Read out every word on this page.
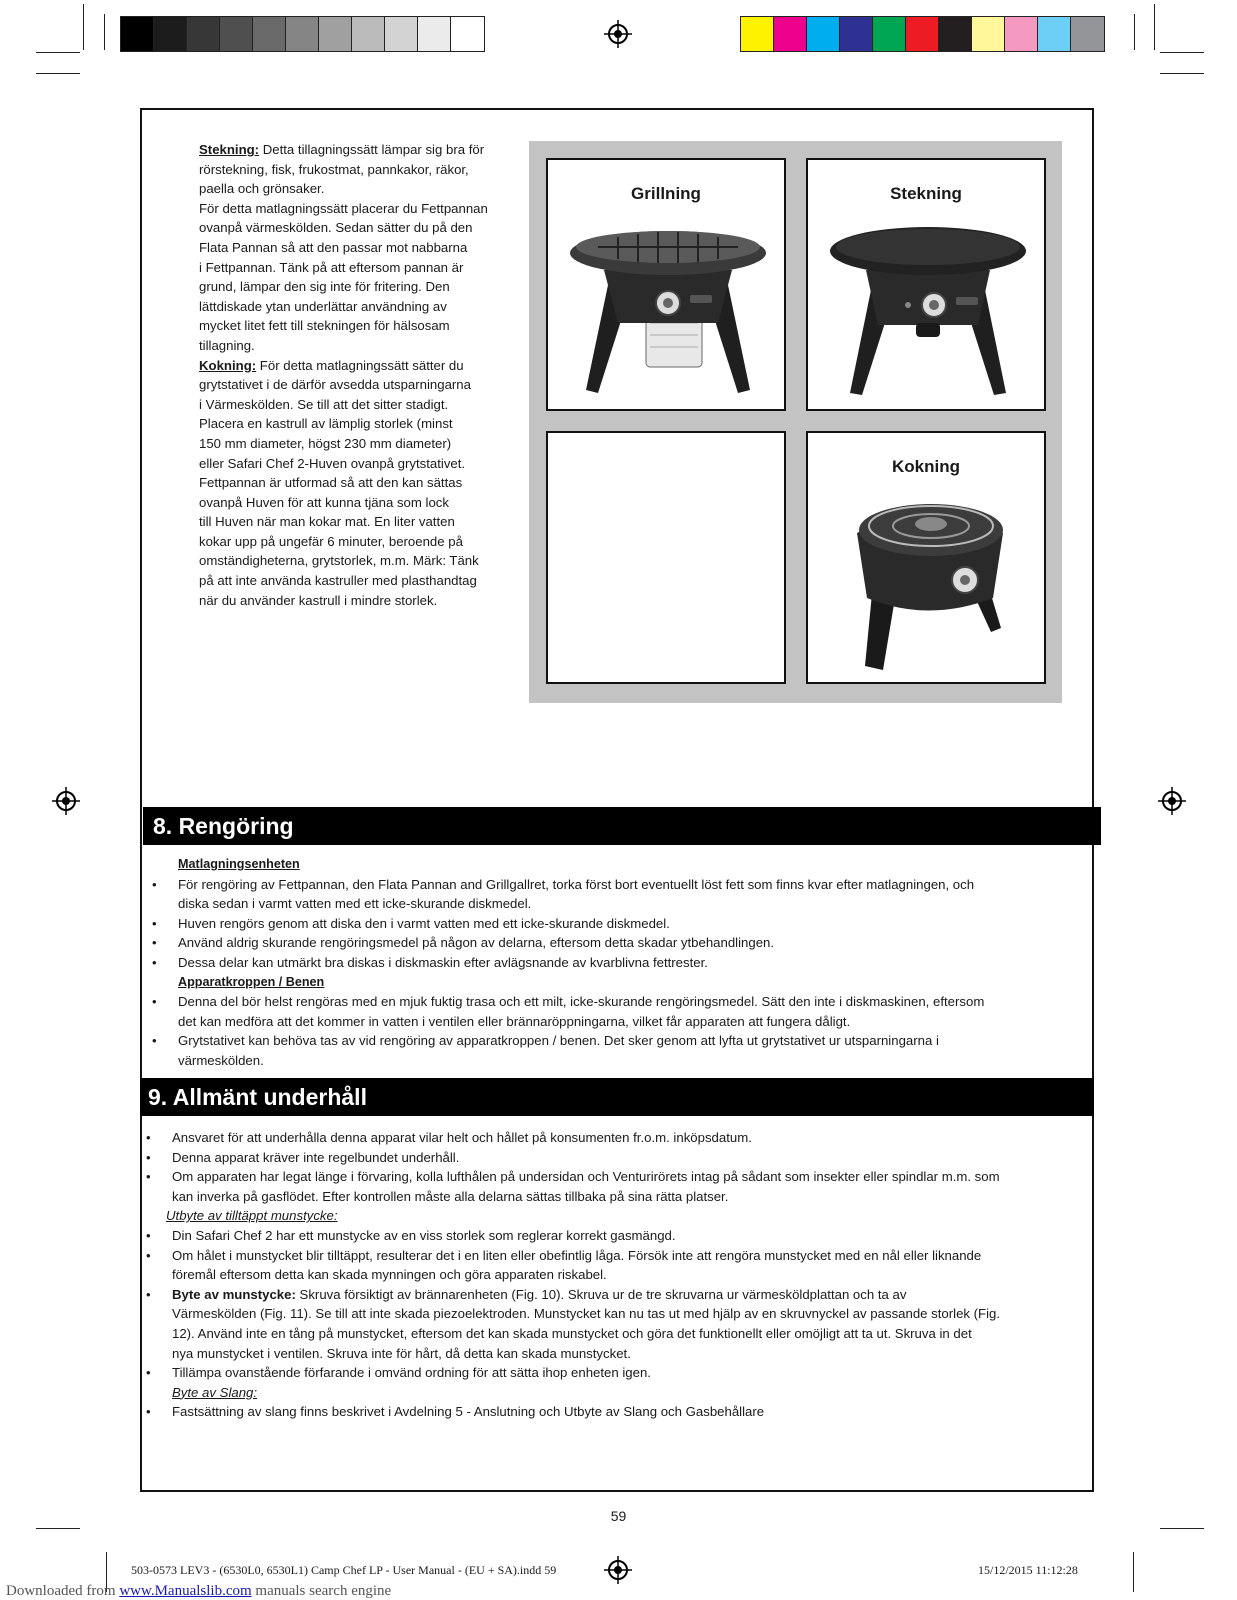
Stekning: Detta tillagningssätt lämpar sig bra för

rörstekning, fisk, frukostmat, pannkakor, räkor,

paella och grönsaker.

För detta matlagningssätt placerar du Fettpannan

ovanpå värmeskölden. Sedan sätter du på den

Flata Pannan så att den passar mot nabbarna

i Fettpannan. Tänk på att eftersom pannan är

grund, lämpar den sig inte för fritering. Den

lättdiskade ytan underlättar användning av

mycket litet fett till stekningen för hälsosam

tillagning.

Kokning: För detta matlagningssätt sätter du

grytstativet i de därför avsedda utsparningarna

i Värmeskölden. Se till att det sitter stadigt.

Placera en kastrull av lämplig storlek (minst

150 mm diameter, högst 230 mm diameter)

eller Safari Chef 2-Huven ovanpå grytstativet.

Fettpannan är utformad så att den kan sättas

ovanpå Huven för att kunna tjäna som lock

till Huven när man kokar mat. En liter vatten

kokar upp på ungefär 6 minuter, beroende på

omständigheterna, grytstorlek, m.m. Märk: Tänk

på att inte använda kastruller med plasthandtag

när du använder kastrull i mindre storlek.

Grillning	Stekning
Kokning
8. Rengöring
Matlagningsenheten
• För rengöring av Fettpannan, den Flata Pannan and Grillgallret, torka först bort eventuellt löst fett som finns kvar efter matlagningen, och
diska sedan i varmt vatten med ett icke-skurande diskmedel.
• Huven rengörs genom att diska den i varmt vatten med ett icke-skurande diskmedel.
• Använd aldrig skurande rengöringsmedel på någon av delarna, eftersom detta skadar ytbehandlingen.
• Dessa delar kan utmärkt bra diskas i diskmaskin efter avlägsnande av kvarblivna fettrester.
Apparatkroppen / Benen
• Denna del bör helst rengöras med en mjuk fuktig trasa och ett milt, icke-skurande rengöringsmedel. Sätt den inte i diskmaskinen, eftersom
det kan medföra att det kommer in vatten i ventilen eller brännaröppningarna, vilket får apparaten att fungera dåligt.
• Grytstativet kan behöva tas av vid rengöring av apparatkroppen / benen. Det sker genom att lyfta ut grytstativet ur utsparningarna i
värmeskölden.
9. Allmänt underhåll
• Ansvaret för att underhålla denna apparat vilar helt och hållet på konsumenten fr.o.m. inköpsdatum.
• Denna apparat kräver inte regelbundet underhåll.
• Om apparaten har legat länge i förvaring, kolla lufthålen på undersidan och Venturirörets intag på sådant som insekter eller spindlar m.m. som
kan inverka på gasflödet. Efter kontrollen måste alla delarna sättas tillbaka på sina rätta platser.
Utbyte av tilltäppt munstycke:
• Din Safari Chef 2 har ett munstycke av en viss storlek som reglerar korrekt gasmängd.
• Om hålet i munstycket blir tilltäppt, resulterar det i en liten eller obefintlig låga. Försök inte att rengöra munstycket med en nål eller liknande
föremål eftersom detta kan skada mynningen och göra apparaten riskabel.
• Byte av munstycke: Skruva försiktigt av brännarenheten (Fig. 10). Skruva ur de tre skruvarna ur värmesköldplattan och ta av
Värmeskölden (Fig. 11). Se till att inte skada piezoelektroden. Munstycket kan nu tas ut med hjälp av en skruvnyckel av passande storlek (Fig.
12). Använd inte en tång på munstycket, eftersom det kan skada munstycket och göra det funktionellt eller omöjligt att ta ut. Skruva in det
nya munstycket i ventilen. Skruva inte för hårt, då detta kan skada munstycket.
• Tillämpa ovanstående förfarande i omvänd ordning för att sätta ihop enheten igen.
Byte av Slang:
• Fastsättning av slang finns beskrivet i Avdelning 5 - Anslutning och Utbyte av Slang och Gasbehållare
59
503-0573 LEV3 - (6530L0, 6530L1) Camp Chef LP - User Manual - (EU + SA).indd 59	15/12/2015 11:12:28
Downloaded from www.Manualslib.com manuals search engine
